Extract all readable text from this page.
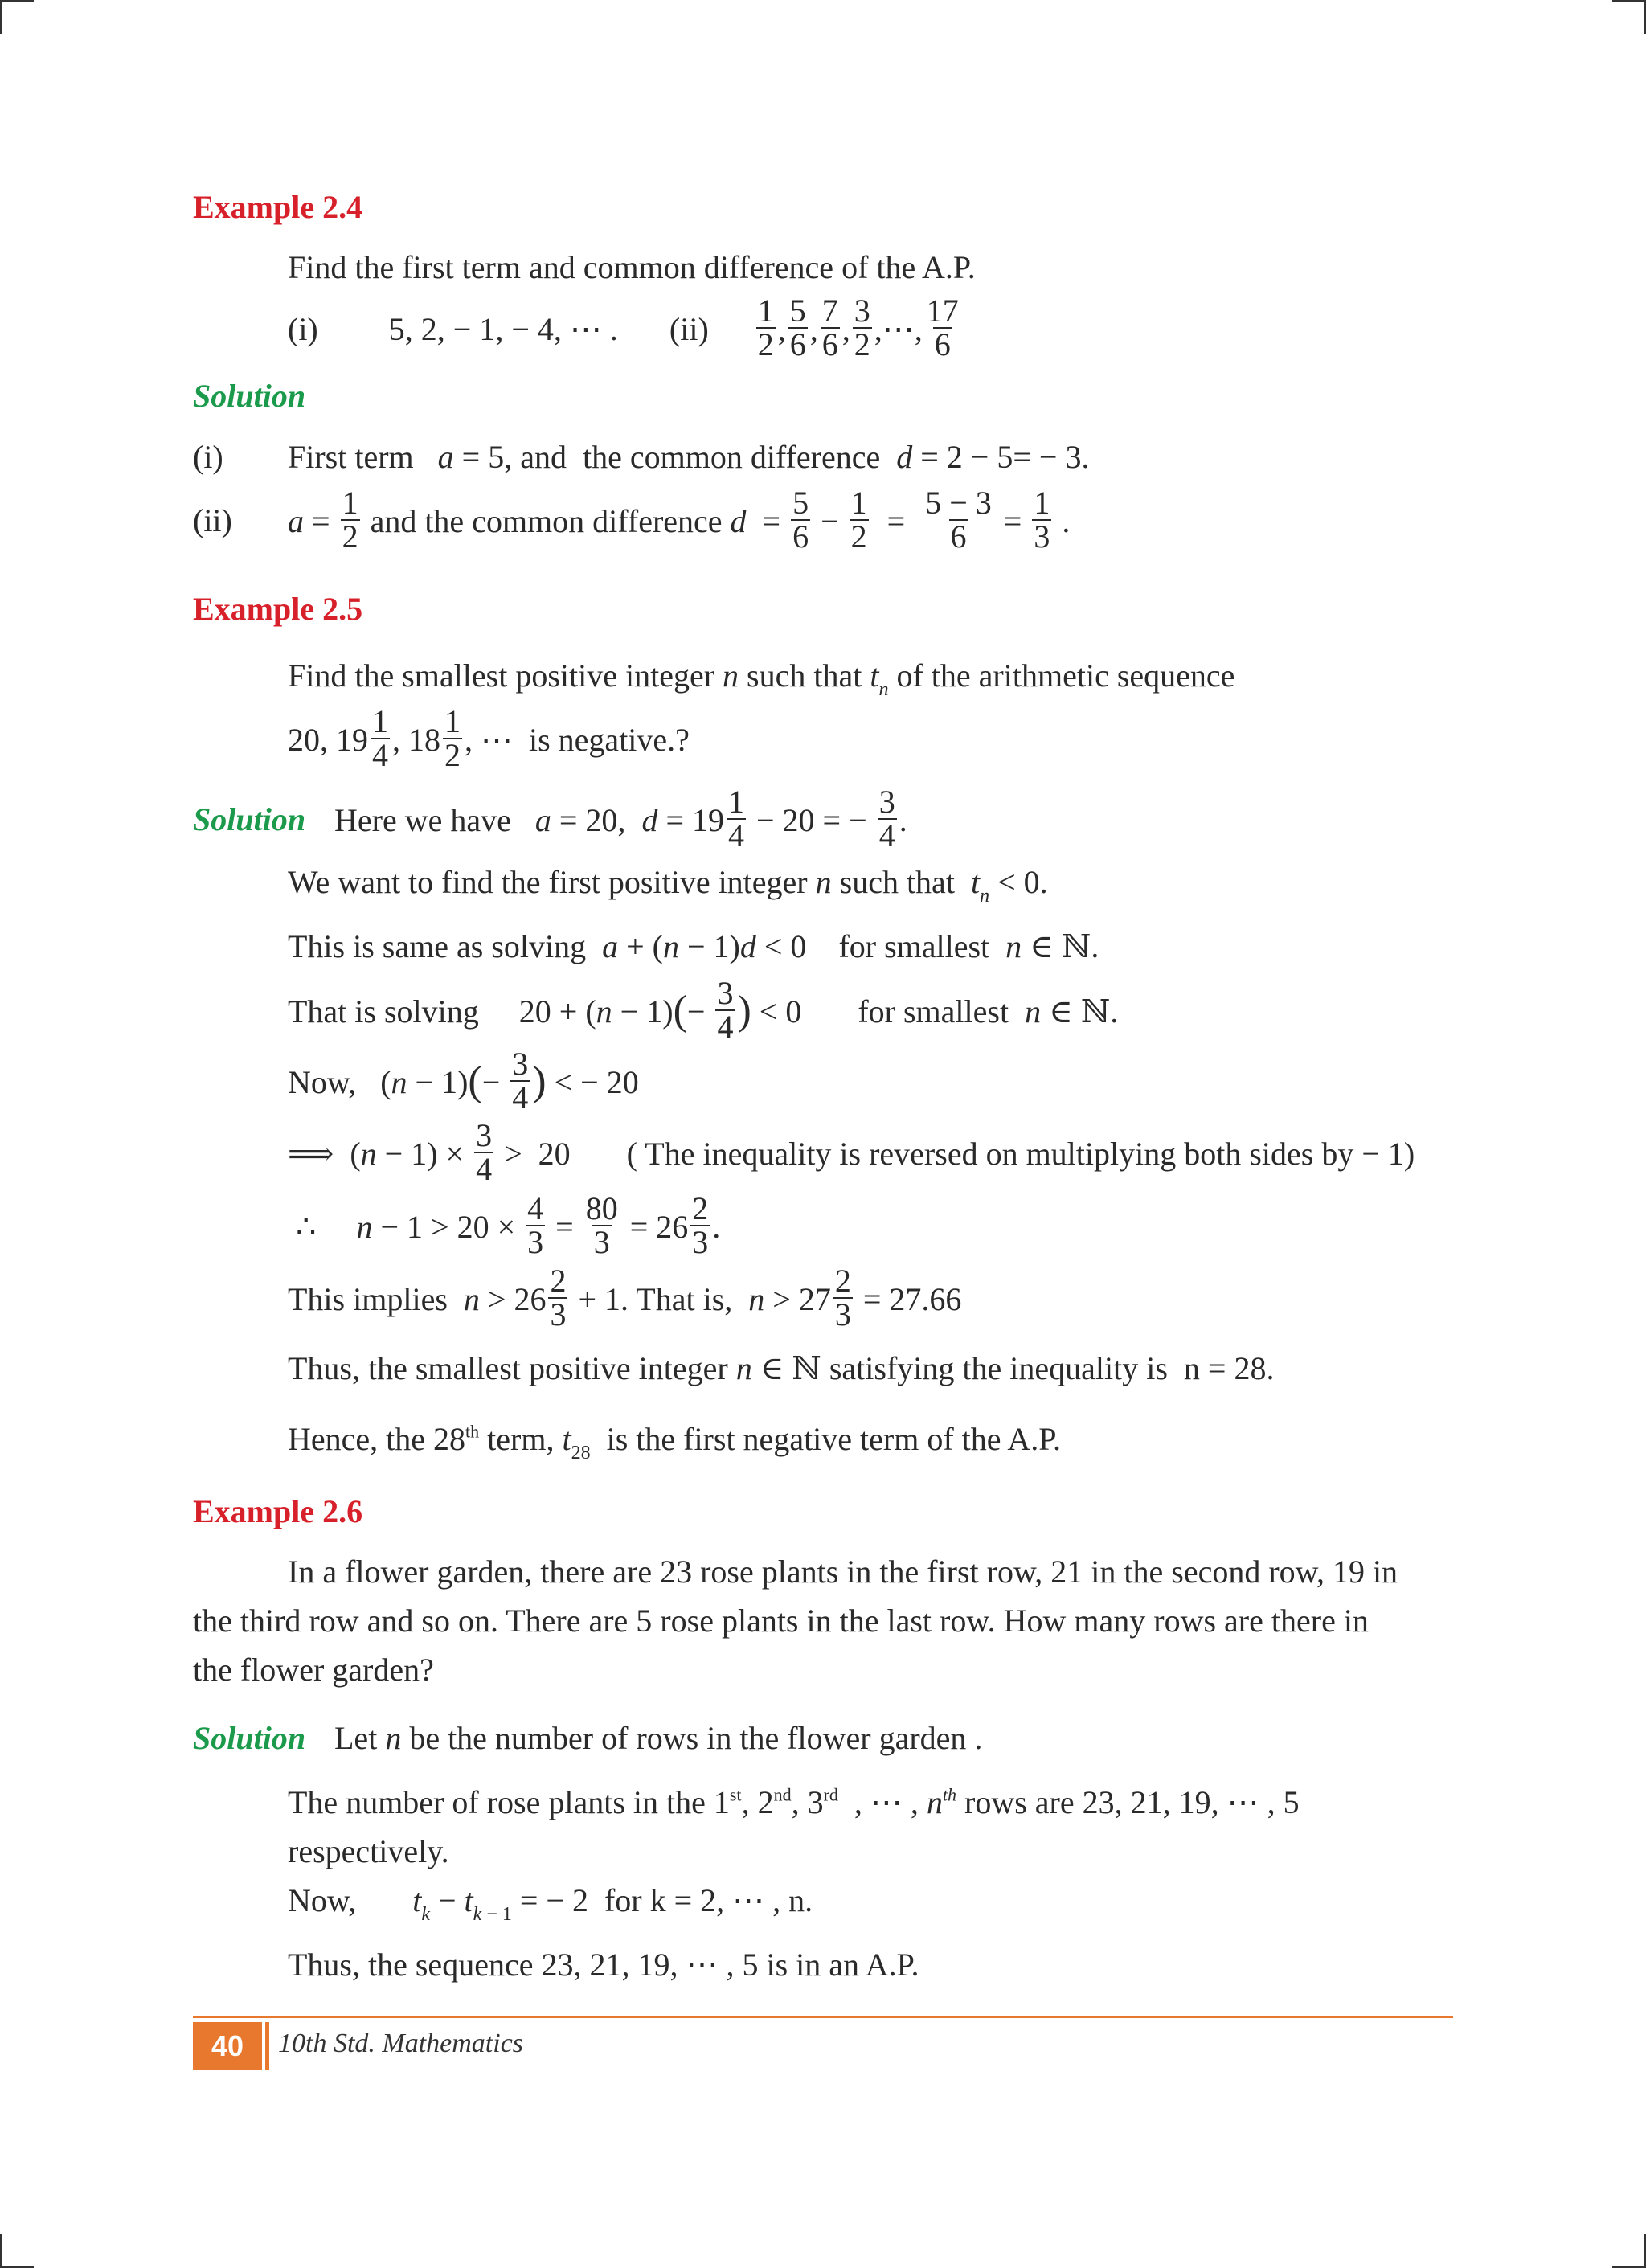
Example 2.4
Find the first term and common difference of the A.P.
(i) 5, 2, − 1, − 4, ⋯ . $(ii) \frac{1}{2}$ , $\frac{5}{6}$ , $\frac{7}{6}$ , $\frac{3}{2}$ ,⋯, $\frac{17}{6}$
Solution
(i) First term a = 5, and  the common difference  d = 2 − 5= − 3.
(ii) $a = \frac{1}{2}$ and the common difference $d = \frac{5}{6} - \frac{1}{2} = \frac{5 - 3}{6} = \frac{1}{3}$ .
Example 2.5
Find the smallest positive integer n such that $t_n$ of the arithmetic sequence
20, $19 \frac{1}{4}$ , $18 \frac{1}{2}$ , ⋯  is negative.?
Solution Here we have a = 20,  $d = 19 \frac{1}{4} - 20$ = − $\frac{3}{4}$ .
We want to find the first positive integer n such that $t_n < 0$.
This is same as solving a + (n − 1)d < 0    for smallest n ∈ ℕ.
That is solving     $20 + (n - 1)(- \frac{3}{4}$ ) < 0       for smallest n ∈ ℕ.
Now,   $(n - 1)(- \frac{3}{4}$ ) < − 20
⟹  $(n - 1) \times \frac{3}{4} > 20$       ( The inequality is reversed on multiplying both sides by − 1)
∴     $n - 1 > 20 \times \frac{4}{3} = \frac{80}{3} = 26 \frac{2}{3}$ .
This implies $n > 26 \frac{2}{3} + 1$. That is, $n > 27 \frac{2}{3} = 27.66$
Thus, the smallest positive integer n ∈ ℕ satisfying the inequality is n = 28.
Hence, the 28th term, $t_{28}$ is the first negative term of the A.P.
Example 2.6
In a flower garden, there are 23 rose plants in the first row, 21 in the second row, 19 in
the third row and so on. There are 5 rose plants in the last row. How many rows are there in
the flower garden?
Solution Let n be the number of rows in the flower garden .
The number of rose plants in the 1st, 2nd, 3rd  , ⋯ , $n^{th}$ rows are 23, 21, 19, ⋯ , 5
respectively.
Now, $t_k - t_{k - 1}$ = − 2  for k = 2, ⋯ , n.
Thus, the sequence 23, 21, 19, ⋯ , 5 is in an A.P.
40	10th Std. Mathematics
